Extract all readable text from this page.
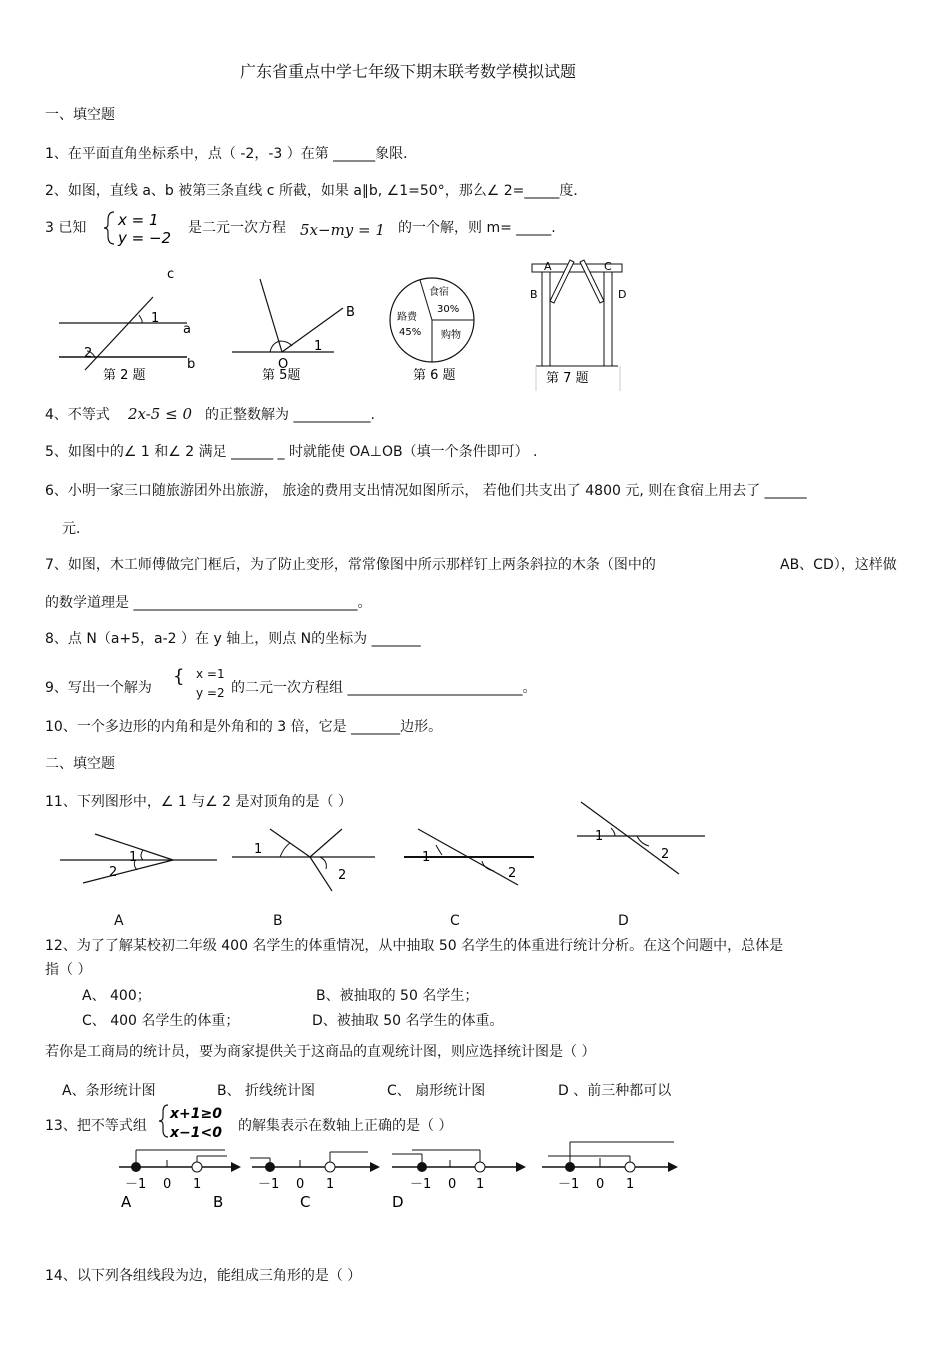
广东省重点中学七年级下期末联考数学模拟试题
一、填空题
1、在平面直角坐标系中，点（ -2，-3 ）在第 ______象限．
2、如图，直线 a、b 被第三条直线 c 所截，如果 a∥b, ∠1=50°，那么∠ 2=_____度．
3 已知 x = 1
y = −2
是二元一次方程 5x−my = 1 的一个解，则 m= _____.
c
1
2
a
b
第 2 题
B
1
O
第 5题
食宿
30%
路费
45% 购物
第 6 题
A	C
B	D
第 7 题
4、不等式 2x-5 ≤ 0 的正整数解为 ___________.
5、如图中的∠ 1 和∠ 2 满足 ______ _ 时就能使 OA⊥OB（填一个条件即可） .
6、小明一家三口随旅游团外出旅游， 旅途的费用支出情况如图所示， 若他们共支出了 4800 元, 则在食宿上用去了 ______
元．
7、如图，木工师傅做完门框后，为了防止变形，常常像图中所示那样钉上两条斜拉的木条（图中的	AB、CD），这样做
的数学道理是 ________________________________。
8、点 N（a+5，a-2 ）在 y 轴上，则点 N的坐标为 _______
9、写出一个解为
{ x =1
y =2 的二元一次方程组 _________________________。
10、一个多边形的内角和是外角和的 3 倍，它是 _______边形。
二、填空题
11、下列图形中，∠ 1 与∠ 2 是对顶角的是（ ）
1
2
1
2
1
2
1
2
A	B	C	D
12、为了了解某校初二年级 400 名学生的体重情况，从中抽取 50 名学生的体重进行统计分析。在这个问题中，总体是
指（ ）
A、 400；	B、被抽取的 50 名学生；
C、 400 名学生的体重；	D、被抽取 50 名学生的体重。
若你是工商局的统计员，要为商家提供关于这商品的直观统计图，则应选择统计图是（ ）
A、条形统计图	B、 折线统计图	C、 扇形统计图	D 、前三种都可以
13、把不等式组
x+1≥0
x−1<0 的解集表示在数轴上正确的是（ ）
－1 0 1
A	B
－1 0 1
C
－1 0 1
D
－1 0 1
14、以下列各组线段为边，能组成三角形的是（ ）
